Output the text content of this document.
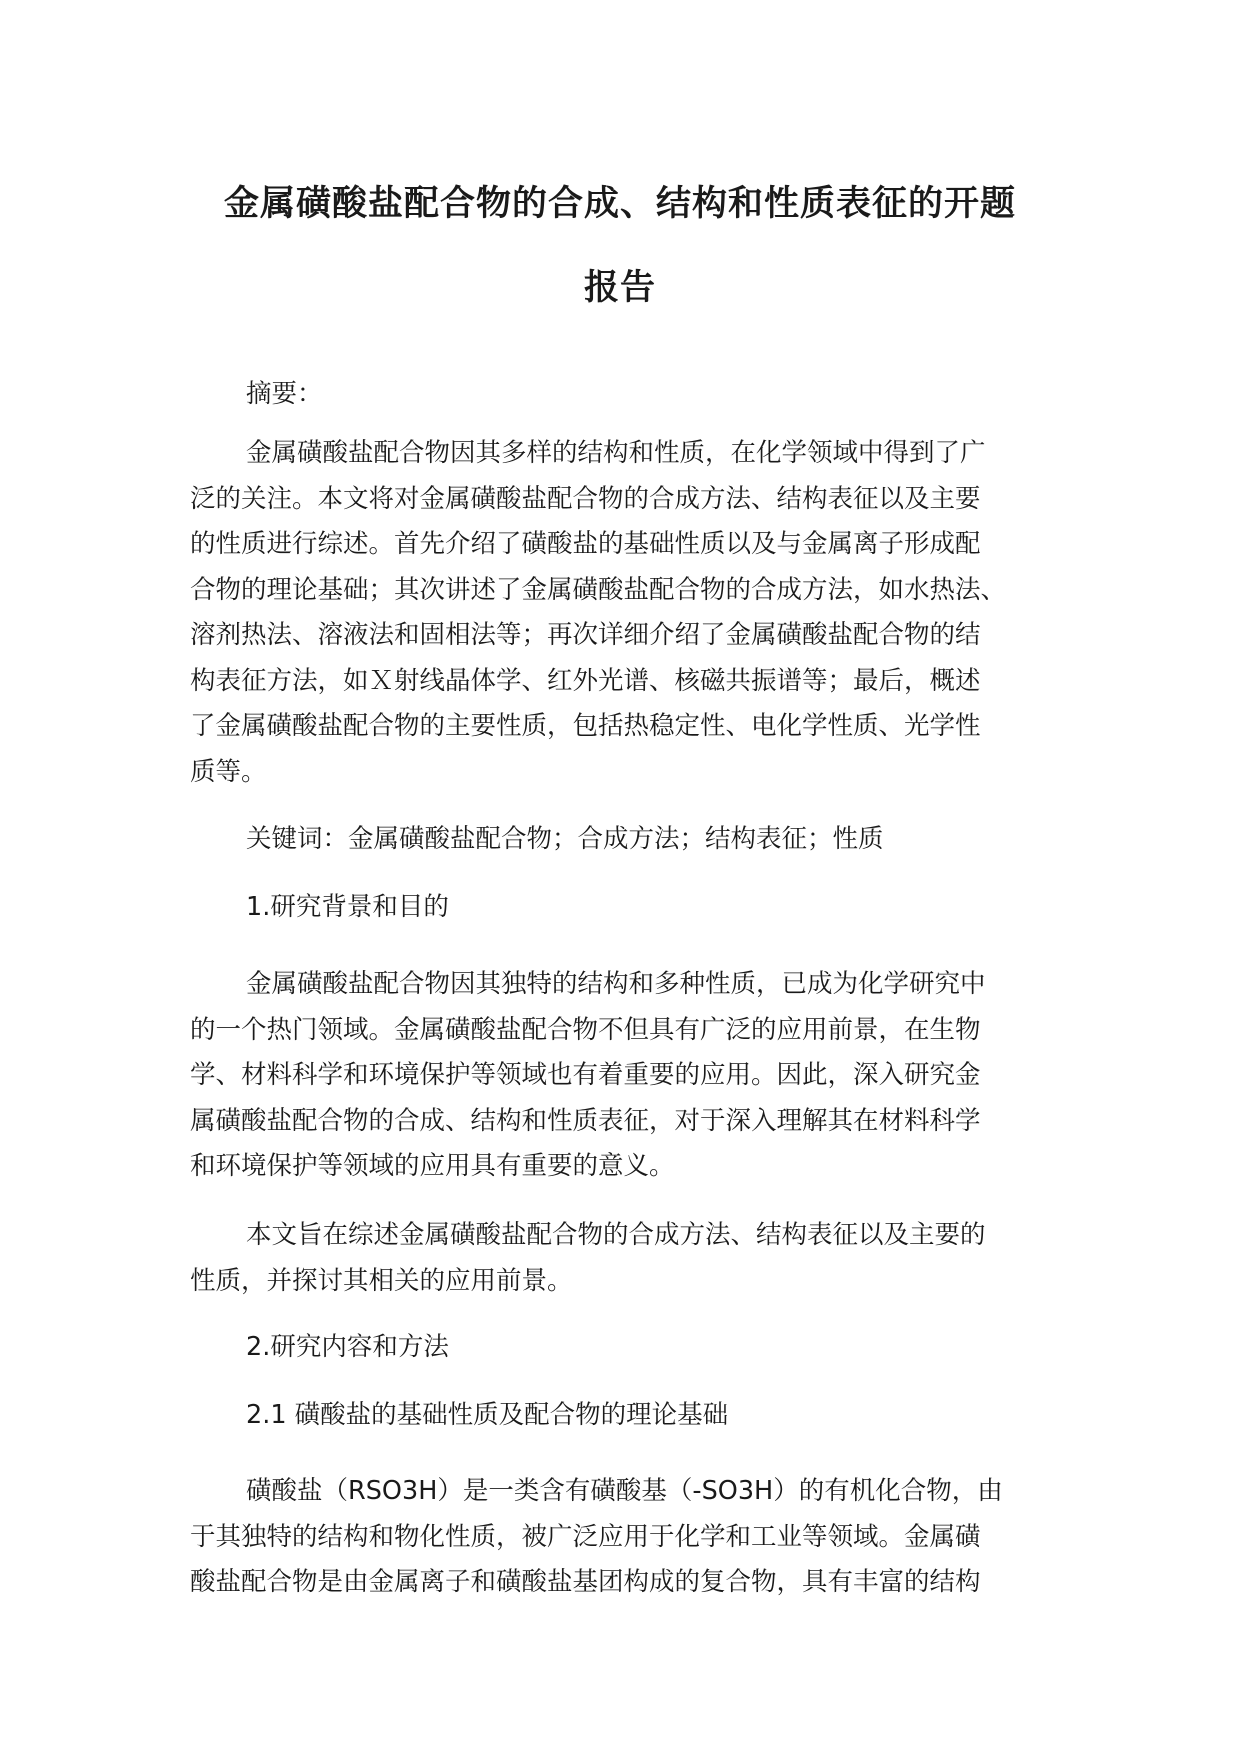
金属磺酸盐配合物的合成、结构和性质表征的开题
报告
摘要：
金属磺酸盐配合物因其多样的结构和性质，在化学领域中得到了广
泛的关注。本文将对金属磺酸盐配合物的合成方法、结构表征以及主要
的性质进行综述。首先介绍了磺酸盐的基础性质以及与金属离子形成配
合物的理论基础；其次讲述了金属磺酸盐配合物的合成方法，如水热法、
溶剂热法、溶液法和固相法等；再次详细介绍了金属磺酸盐配合物的结
构表征方法，如Ｘ射线晶体学、红外光谱、核磁共振谱等；最后，概述
了金属磺酸盐配合物的主要性质，包括热稳定性、电化学性质、光学性
质等。
关键词：金属磺酸盐配合物；合成方法；结构表征；性质
1.研究背景和目的
金属磺酸盐配合物因其独特的结构和多种性质，已成为化学研究中
的一个热门领域。金属磺酸盐配合物不但具有广泛的应用前景，在生物
学、材料科学和环境保护等领域也有着重要的应用。因此，深入研究金
属磺酸盐配合物的合成、结构和性质表征，对于深入理解其在材料科学
和环境保护等领域的应用具有重要的意义。
本文旨在综述金属磺酸盐配合物的合成方法、结构表征以及主要的
性质，并探讨其相关的应用前景。
2.研究内容和方法
2.1 磺酸盐的基础性质及配合物的理论基础
磺酸盐（RSO3H）是一类含有磺酸基（-SO3H）的有机化合物，由
于其独特的结构和物化性质，被广泛应用于化学和工业等领域。金属磺
酸盐配合物是由金属离子和磺酸盐基团构成的复合物，具有丰富的结构
